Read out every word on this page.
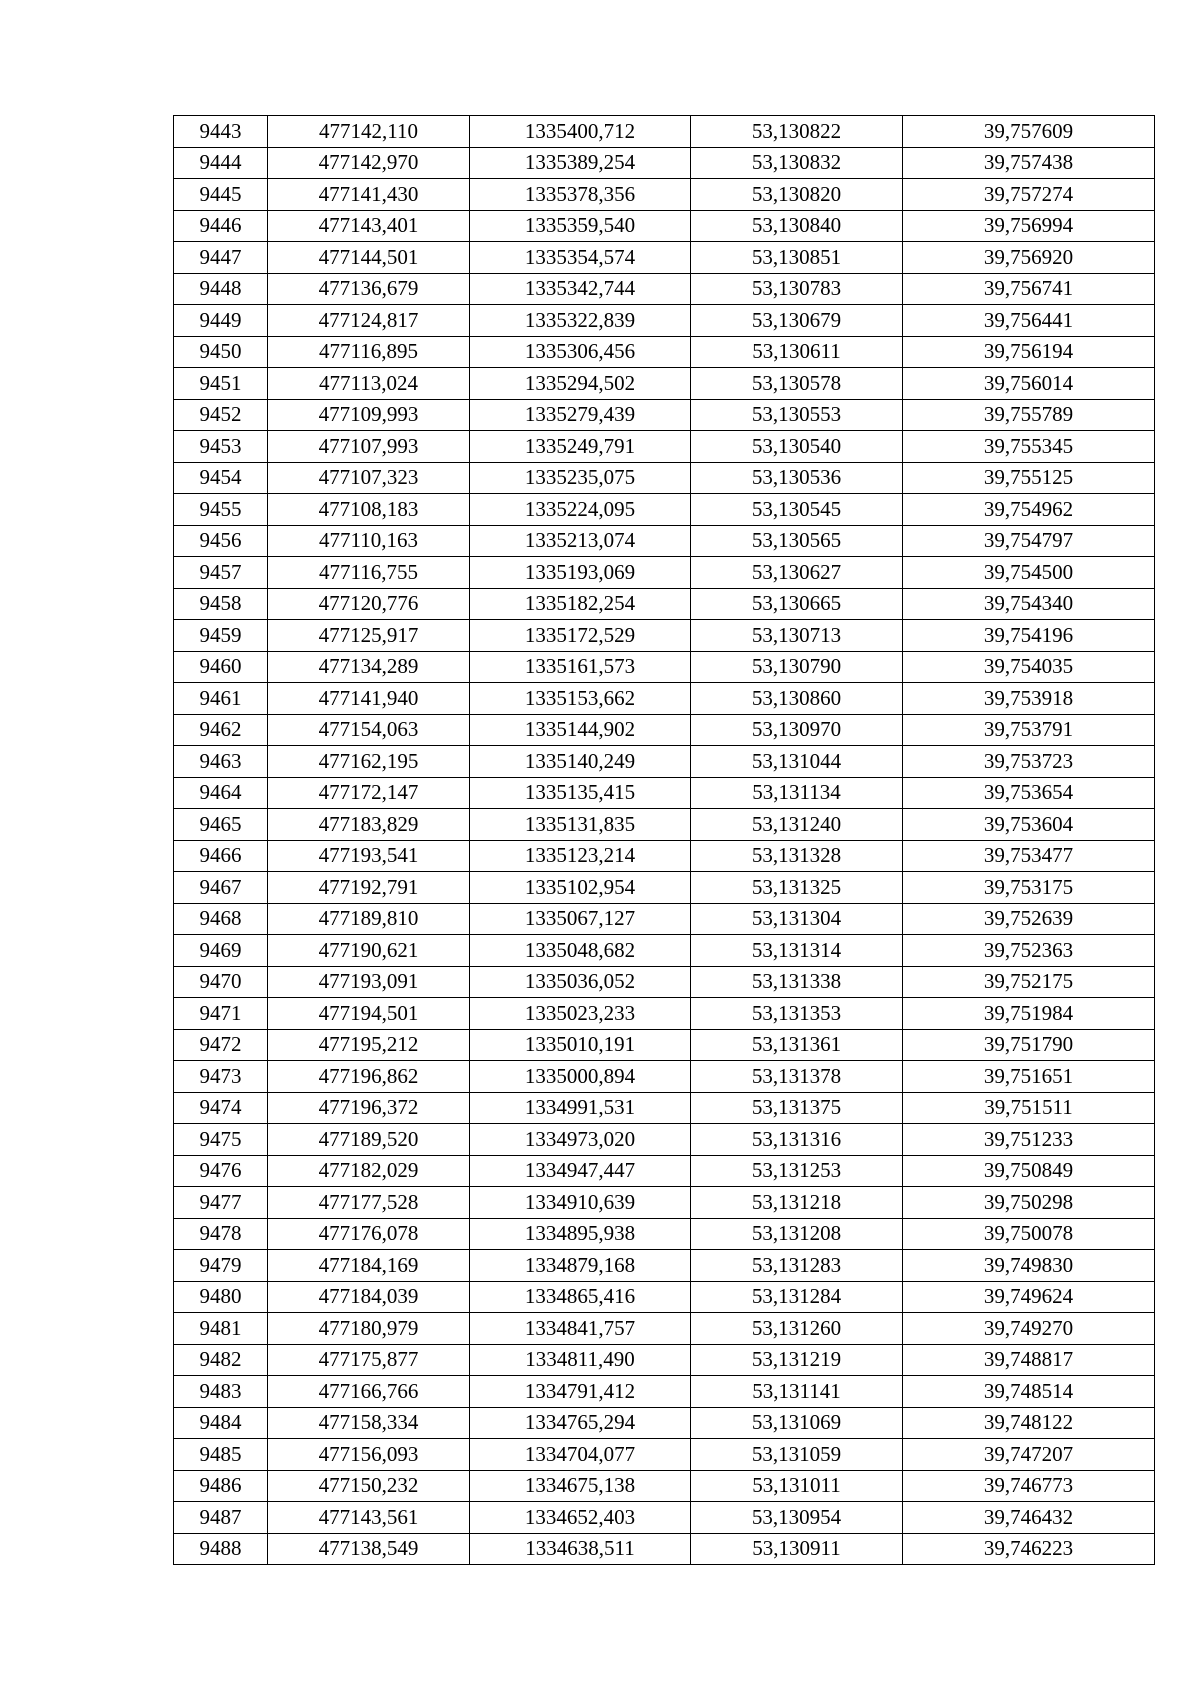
9443	477142,110	1335400,712	53,130822	39,757609
9444	477142,970	1335389,254	53,130832	39,757438
9445	477141,430	1335378,356	53,130820	39,757274
9446	477143,401	1335359,540	53,130840	39,756994
9447	477144,501	1335354,574	53,130851	39,756920
9448	477136,679	1335342,744	53,130783	39,756741
9449	477124,817	1335322,839	53,130679	39,756441
9450	477116,895	1335306,456	53,130611	39,756194
9451	477113,024	1335294,502	53,130578	39,756014
9452	477109,993	1335279,439	53,130553	39,755789
9453	477107,993	1335249,791	53,130540	39,755345
9454	477107,323	1335235,075	53,130536	39,755125
9455	477108,183	1335224,095	53,130545	39,754962
9456	477110,163	1335213,074	53,130565	39,754797
9457	477116,755	1335193,069	53,130627	39,754500
9458	477120,776	1335182,254	53,130665	39,754340
9459	477125,917	1335172,529	53,130713	39,754196
9460	477134,289	1335161,573	53,130790	39,754035
9461	477141,940	1335153,662	53,130860	39,753918
9462	477154,063	1335144,902	53,130970	39,753791
9463	477162,195	1335140,249	53,131044	39,753723
9464	477172,147	1335135,415	53,131134	39,753654
9465	477183,829	1335131,835	53,131240	39,753604
9466	477193,541	1335123,214	53,131328	39,753477
9467	477192,791	1335102,954	53,131325	39,753175
9468	477189,810	1335067,127	53,131304	39,752639
9469	477190,621	1335048,682	53,131314	39,752363
9470	477193,091	1335036,052	53,131338	39,752175
9471	477194,501	1335023,233	53,131353	39,751984
9472	477195,212	1335010,191	53,131361	39,751790
9473	477196,862	1335000,894	53,131378	39,751651
9474	477196,372	1334991,531	53,131375	39,751511
9475	477189,520	1334973,020	53,131316	39,751233
9476	477182,029	1334947,447	53,131253	39,750849
9477	477177,528	1334910,639	53,131218	39,750298
9478	477176,078	1334895,938	53,131208	39,750078
9479	477184,169	1334879,168	53,131283	39,749830
9480	477184,039	1334865,416	53,131284	39,749624
9481	477180,979	1334841,757	53,131260	39,749270
9482	477175,877	1334811,490	53,131219	39,748817
9483	477166,766	1334791,412	53,131141	39,748514
9484	477158,334	1334765,294	53,131069	39,748122
9485	477156,093	1334704,077	53,131059	39,747207
9486	477150,232	1334675,138	53,131011	39,746773
9487	477143,561	1334652,403	53,130954	39,746432
9488	477138,549	1334638,511	53,130911	39,746223
